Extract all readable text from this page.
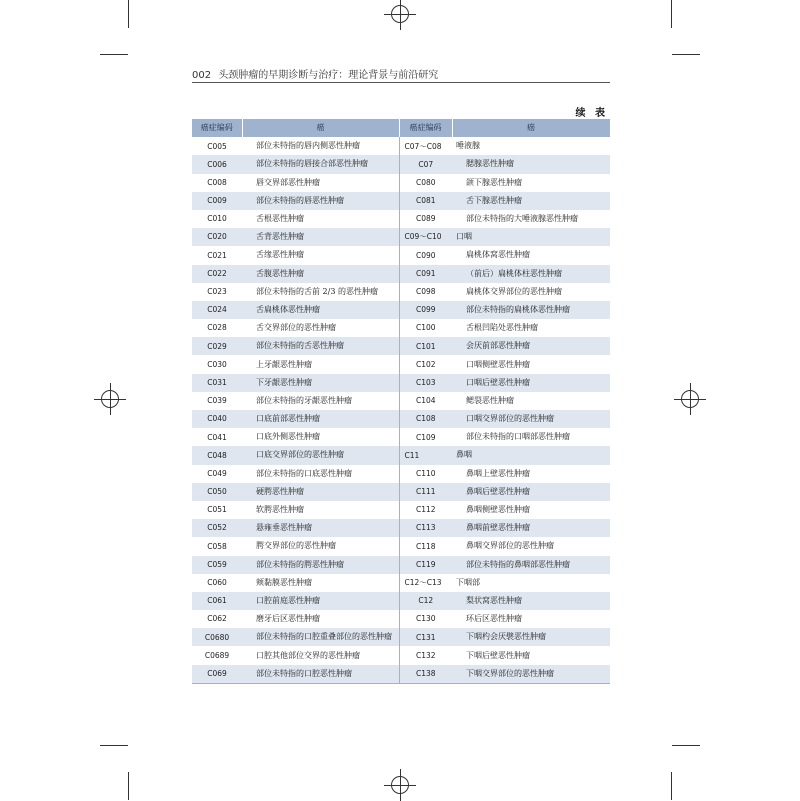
002 头颈肿瘤的早期诊断与治疗：理论背景与前沿研究
续 表
癌症编码	癌	癌症编码	癌
C005	部位未特指的唇内侧恶性肿瘤	C07～C08	唾液腺
C006	部位未特指的唇接合部恶性肿瘤	C07	腮腺恶性肿瘤
C008	唇交界部恶性肿瘤	C080	颌下腺恶性肿瘤
C009	部位未特指的唇恶性肿瘤	C081	舌下腺恶性肿瘤
C010	舌根恶性肿瘤	C089	部位未特指的大唾液腺恶性肿瘤
C020	舌背恶性肿瘤	C09～C10	口咽
C021	舌缘恶性肿瘤	C090	扁桃体窝恶性肿瘤
C022	舌腹恶性肿瘤	C091	（前后）扁桃体柱恶性肿瘤
C023	部位未特指的舌前 2/3 的恶性肿瘤	C098	扁桃体交界部位的恶性肿瘤
C024	舌扁桃体恶性肿瘤	C099	部位未特指的扁桃体恶性肿瘤
C028	舌交界部位的恶性肿瘤	C100	舌根凹陷处恶性肿瘤
C029	部位未特指的舌恶性肿瘤	C101	会厌前部恶性肿瘤
C030	上牙龈恶性肿瘤	C102	口咽侧壁恶性肿瘤
C031	下牙龈恶性肿瘤	C103	口咽后壁恶性肿瘤
C039	部位未特指的牙龈恶性肿瘤	C104	鳃裂恶性肿瘤
C040	口底前部恶性肿瘤	C108	口咽交界部位的恶性肿瘤
C041	口底外侧恶性肿瘤	C109	部位未特指的口咽部恶性肿瘤
C048	口底交界部位的恶性肿瘤	C11	鼻咽
C049	部位未特指的口底恶性肿瘤	C110	鼻咽上壁恶性肿瘤
C050	硬腭恶性肿瘤	C111	鼻咽后壁恶性肿瘤
C051	软腭恶性肿瘤	C112	鼻咽侧壁恶性肿瘤
C052	悬雍垂恶性肿瘤	C113	鼻咽前壁恶性肿瘤
C058	腭交界部位的恶性肿瘤	C118	鼻咽交界部位的恶性肿瘤
C059	部位未特指的腭恶性肿瘤	C119	部位未特指的鼻咽部恶性肿瘤
C060	颊黏膜恶性肿瘤	C12～C13	下咽部
C061	口腔前庭恶性肿瘤	C12	梨状窝恶性肿瘤
C062	磨牙后区恶性肿瘤	C130	环后区恶性肿瘤
C0680	部位未特指的口腔重叠部位的恶性肿瘤	C131	下咽杓会厌襞恶性肿瘤
C0689	口腔其他部位交界的恶性肿瘤	C132	下咽后壁恶性肿瘤
C069	部位未特指的口腔恶性肿瘤	C138	下咽交界部位的恶性肿瘤
